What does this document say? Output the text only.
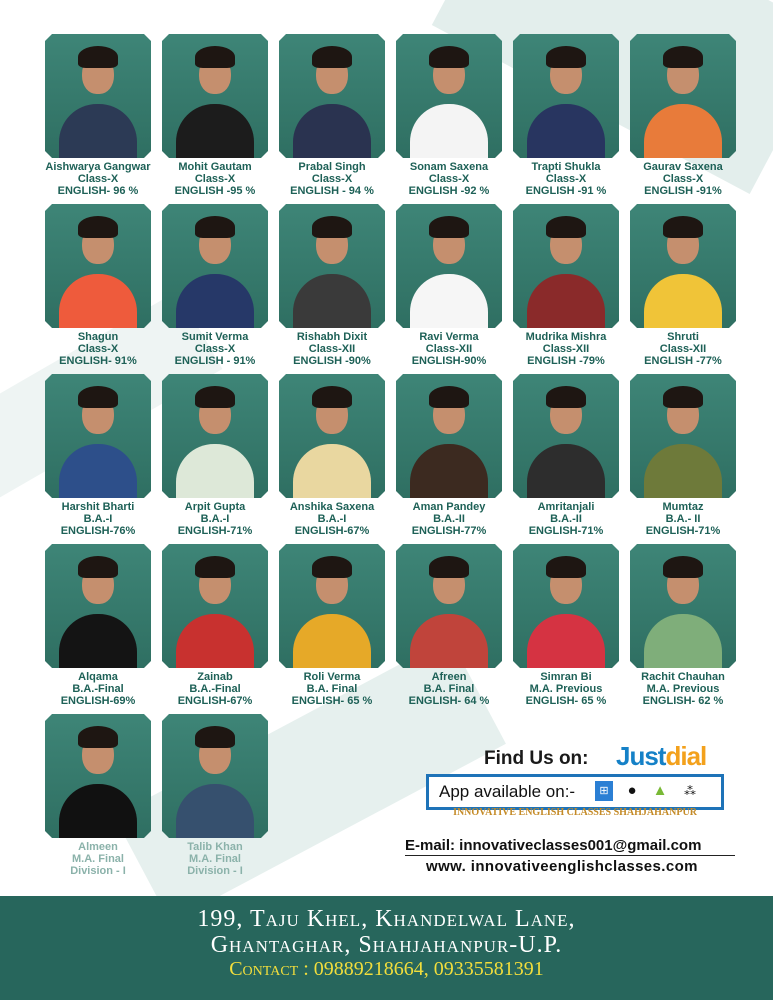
Aishwarya Gangwar
Class-X
ENGLISH- 96 %
Mohit Gautam
Class-X
ENGLISH -95 %
Prabal Singh
Class-X
ENGLISH - 94 %
Sonam Saxena
Class-X
ENGLISH -92 %
Trapti Shukla
Class-X
ENGLISH -91 %
Gaurav Saxena
Class-X
ENGLISH -91%
Shagun
Class-X
ENGLISH- 91%
Sumit Verma
Class-X
ENGLISH - 91%
Rishabh Dixit
Class-XII
ENGLISH -90%
Ravi Verma
Class-XII
ENGLISH-90%
Mudrika Mishra
Class-XII
ENGLISH -79%
Shruti
Class-XII
ENGLISH -77%
Harshit Bharti
B.A.-I
ENGLISH-76%
Arpit Gupta
B.A.-I
ENGLISH-71%
Anshika Saxena
B.A.-I
ENGLISH-67%
Aman Pandey
B.A.-II
ENGLISH-77%
Amritanjali
B.A.-II
ENGLISH-71%
Mumtaz
B.A.- II
ENGLISH-71%
Alqama
B.A.-Final
ENGLISH-69%
Zainab
B.A.-Final
ENGLISH-67%
Roli Verma
B.A. Final
ENGLISH- 65 %
Afreen
B.A. Final
ENGLISH- 64 %
Simran Bi
M.A. Previous
ENGLISH- 65 %
Rachit Chauhan
M.A. Previous
ENGLISH- 62 %
Almeen
M.A. Final
Division - I
Talib Khan
M.A. Final
Division - I
Find Us on: Justdial
App available on:-	⊞ ● ▲ ⁂
INNOVATIVE ENGLISH CLASSES SHAHJAHANPUR
E-mail: innovativeclasses001@gmail.com
www. innovativeenglishclasses.com
199, Taju Khel, Khandelwal Lane,
Ghantaghar, Shahjahanpur-U.P.
Contact : 09889218664, 09335581391
